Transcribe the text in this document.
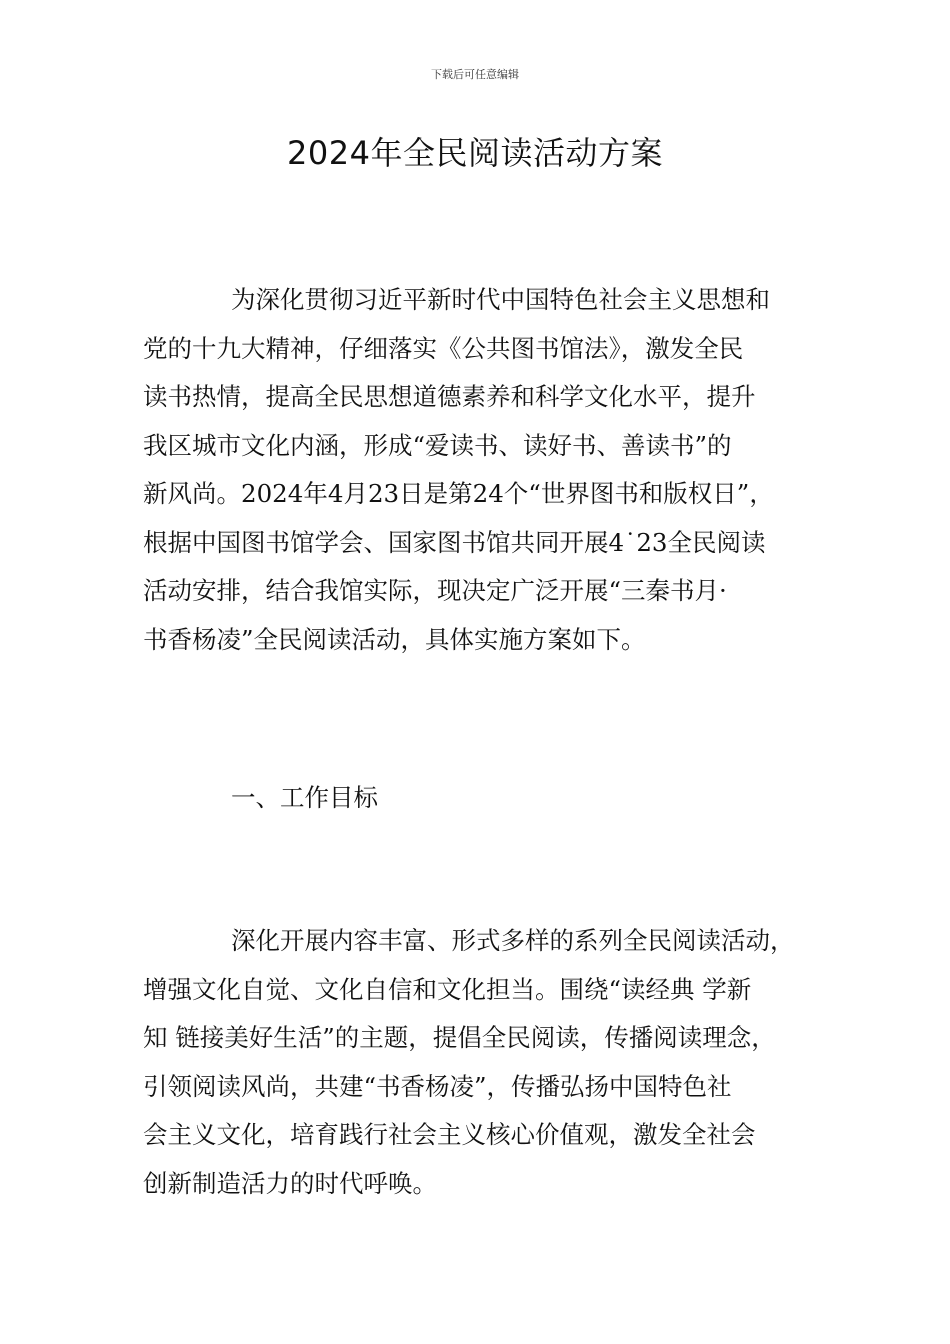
下载后可任意编辑
2024年全民阅读活动方案

为深化贯彻习近平新时代中国特色社会主义思想和
党的十九大精神，仔细落实《公共图书馆法》，激发全民
读书热情，提高全民思想道德素养和科学文化水平，提升
我区城市文化内涵，形成“爱读书、读好书、善读书”的
新风尚。2024年4月23日是第24个“世界图书和版权日”，
根据中国图书馆学会、国家图书馆共同开展4˙23全民阅读
活动安排，结合我馆实际，现决定广泛开展“三秦书月·
书香杨凌”全民阅读活动，具体实施方案如下。

一、工作目标

深化开展内容丰富、形式多样的系列全民阅读活动，
增强文化自觉、文化自信和文化担当。围绕“读经典 学新
知 链接美好生活”的主题，提倡全民阅读，传播阅读理念，
引领阅读风尚，共建“书香杨凌”，传播弘扬中国特色社
会主义文化，培育践行社会主义核心价值观，激发全社会
创新制造活力的时代呼唤。
